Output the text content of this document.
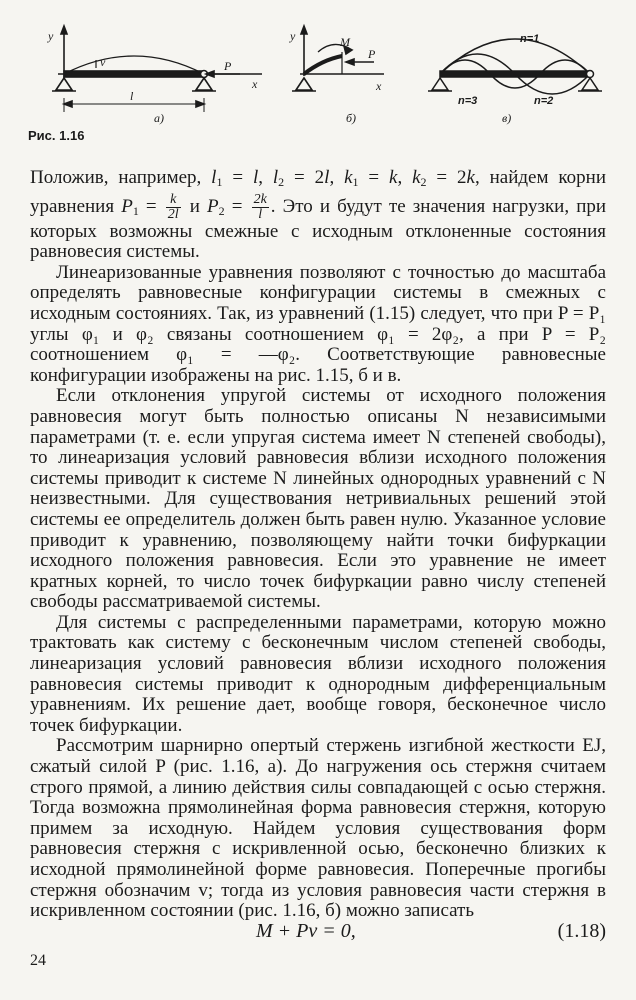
y
x
P
v
l
а)
y
x
M
P
б)
n=1
n=2
n=3
в)
Рис. 1.16

Положив, например, $l_1 = l$, $l_2 = 2l$, $k_1 = k$, $k_2 = 2k$, найдем корни уравнения $P_1 = \frac{k}{2l}$ и $P_2 = \frac{2k}{l}$ . Это и будут те значения нагрузки, при которых возможны смежные с исходным отклоненные состояния равновесия системы.

Линеаризованные уравнения позволяют с точностью до масштаба определять равновесные конфигурации системы в смежных с исходным состояниях. Так, из уравнений (1.15) следует, что при P = P₁ углы φ₁ и φ₂ связаны соотношением φ₁ = 2φ₂, а при P = P₂ соотношением φ₁ = —φ₂. Соответствующие равновесные конфигурации изображены на рис. 1.15, б и в.

Если отклонения упругой системы от исходного положения равновесия могут быть полностью описаны N независимыми параметрами (т. е. если упругая система имеет N степеней свободы), то линеаризация условий равновесия вблизи исходного положения системы приводит к системе N линейных однородных уравнений с N неизвестными. Для существования нетривиальных решений этой системы ее определитель должен быть равен нулю. Указанное условие приводит к уравнению, позволяющему найти точки бифуркации исходного положения равновесия. Если это уравнение не имеет кратных корней, то число точек бифуркации равно числу степеней свободы рассматриваемой системы.

Для системы с распределенными параметрами, которую можно трактовать как систему с бесконечным числом степеней свободы, линеаризация условий равновесия вблизи исходного положения равновесия системы приводит к однородным дифференциальным уравнениям. Их решение дает, вообще говоря, бесконечное число точек бифуркации.

Рассмотрим шарнирно опертый стержень изгибной жесткости EJ, сжатый силой P (рис. 1.16, а). До нагружения ось стержня считаем строго прямой, а линию действия силы совпадающей с осью стержня. Тогда возможна прямолинейная форма равновесия стержня, которую примем за исходную. Найдем условия существования форм равновесия стержня с искривленной осью, бесконечно близких к исходной прямолинейной форме равновесия. Поперечные прогибы стержня обозначим v; тогда из условия равновесия части стержня в искривленном состоянии (рис. 1.16, б) можно записать

M + Pv = 0,	(1.18)
24
